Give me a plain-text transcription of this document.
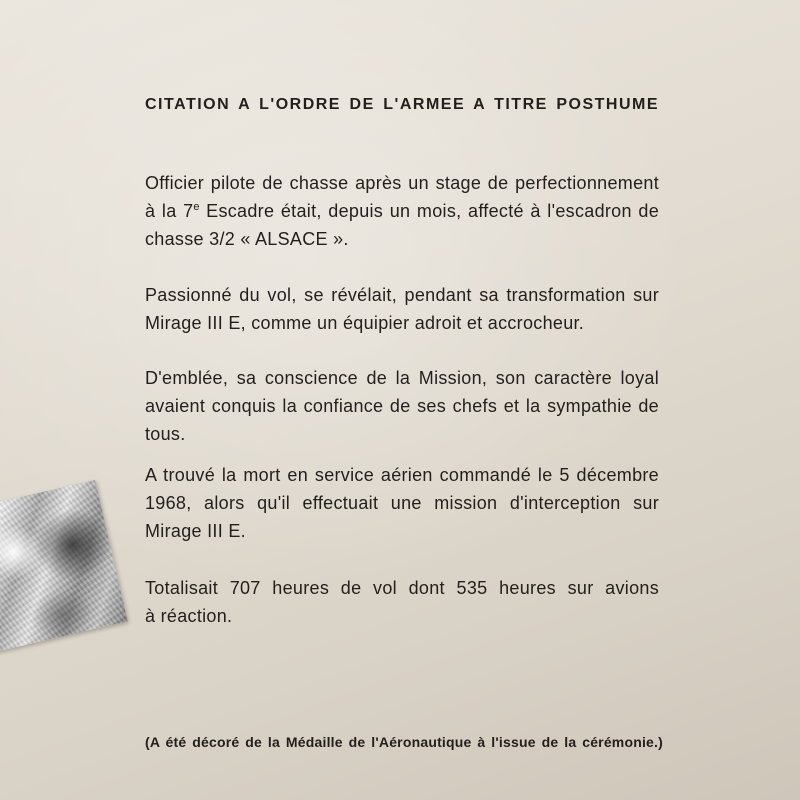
CITATION A L'ORDRE DE L'ARMEE A TITRE POSTHUME
Officier pilote de chasse après un stage de perfectionnement
à la 7e Escadre était, depuis un mois, affecté à l'escadron de
chasse 3/2 « ALSACE ».
Passionné du vol, se révélait, pendant sa transformation sur
Mirage III E, comme un équipier adroit et accrocheur.
D'emblée, sa conscience de la Mission, son caractère loyal
avaient conquis la confiance de ses chefs et la sympathie de
tous.
A trouvé la mort en service aérien commandé le 5 décembre
1968, alors qu'il effectuait une mission d'interception sur
Mirage III E.
Totalisait 707 heures de vol dont 535 heures sur avions
à réaction.
(A été décoré de la Médaille de l'Aéronautique à l'issue de la cérémonie.)
